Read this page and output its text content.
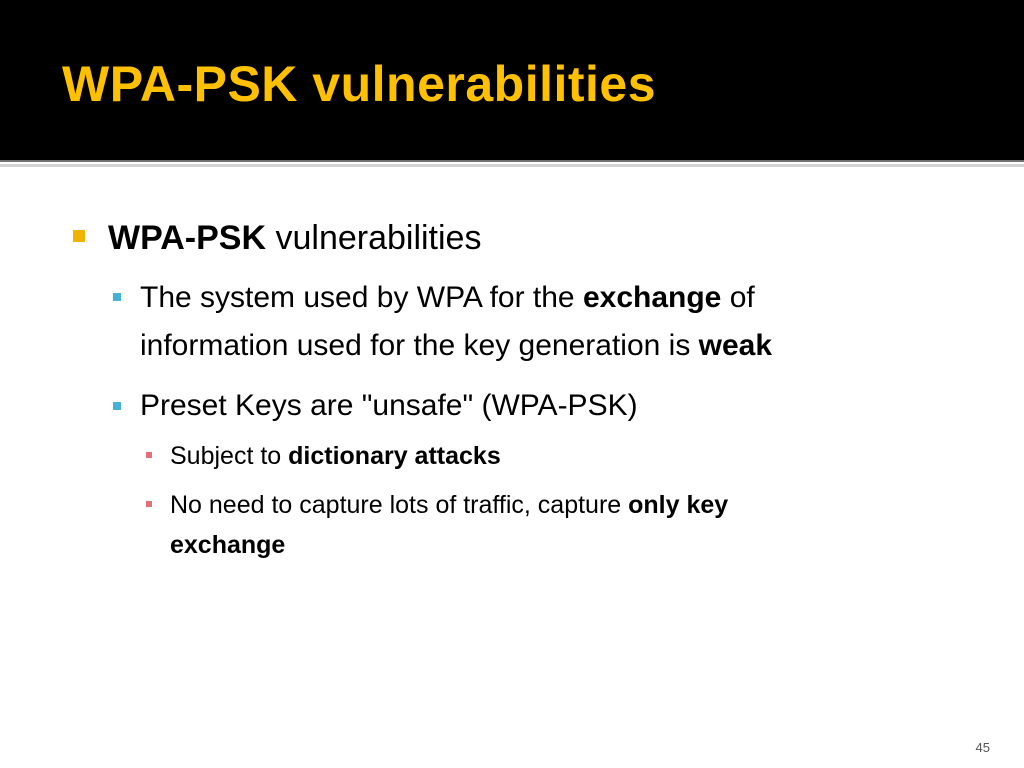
WPA-PSK vulnerabilities
WPA-PSK vulnerabilities
The system used by WPA for the exchange of
information used for the key generation is weak
Preset Keys are "unsafe" (WPA-PSK)
Subject to dictionary attacks
No need to capture lots of traffic, capture only key
exchange
45
